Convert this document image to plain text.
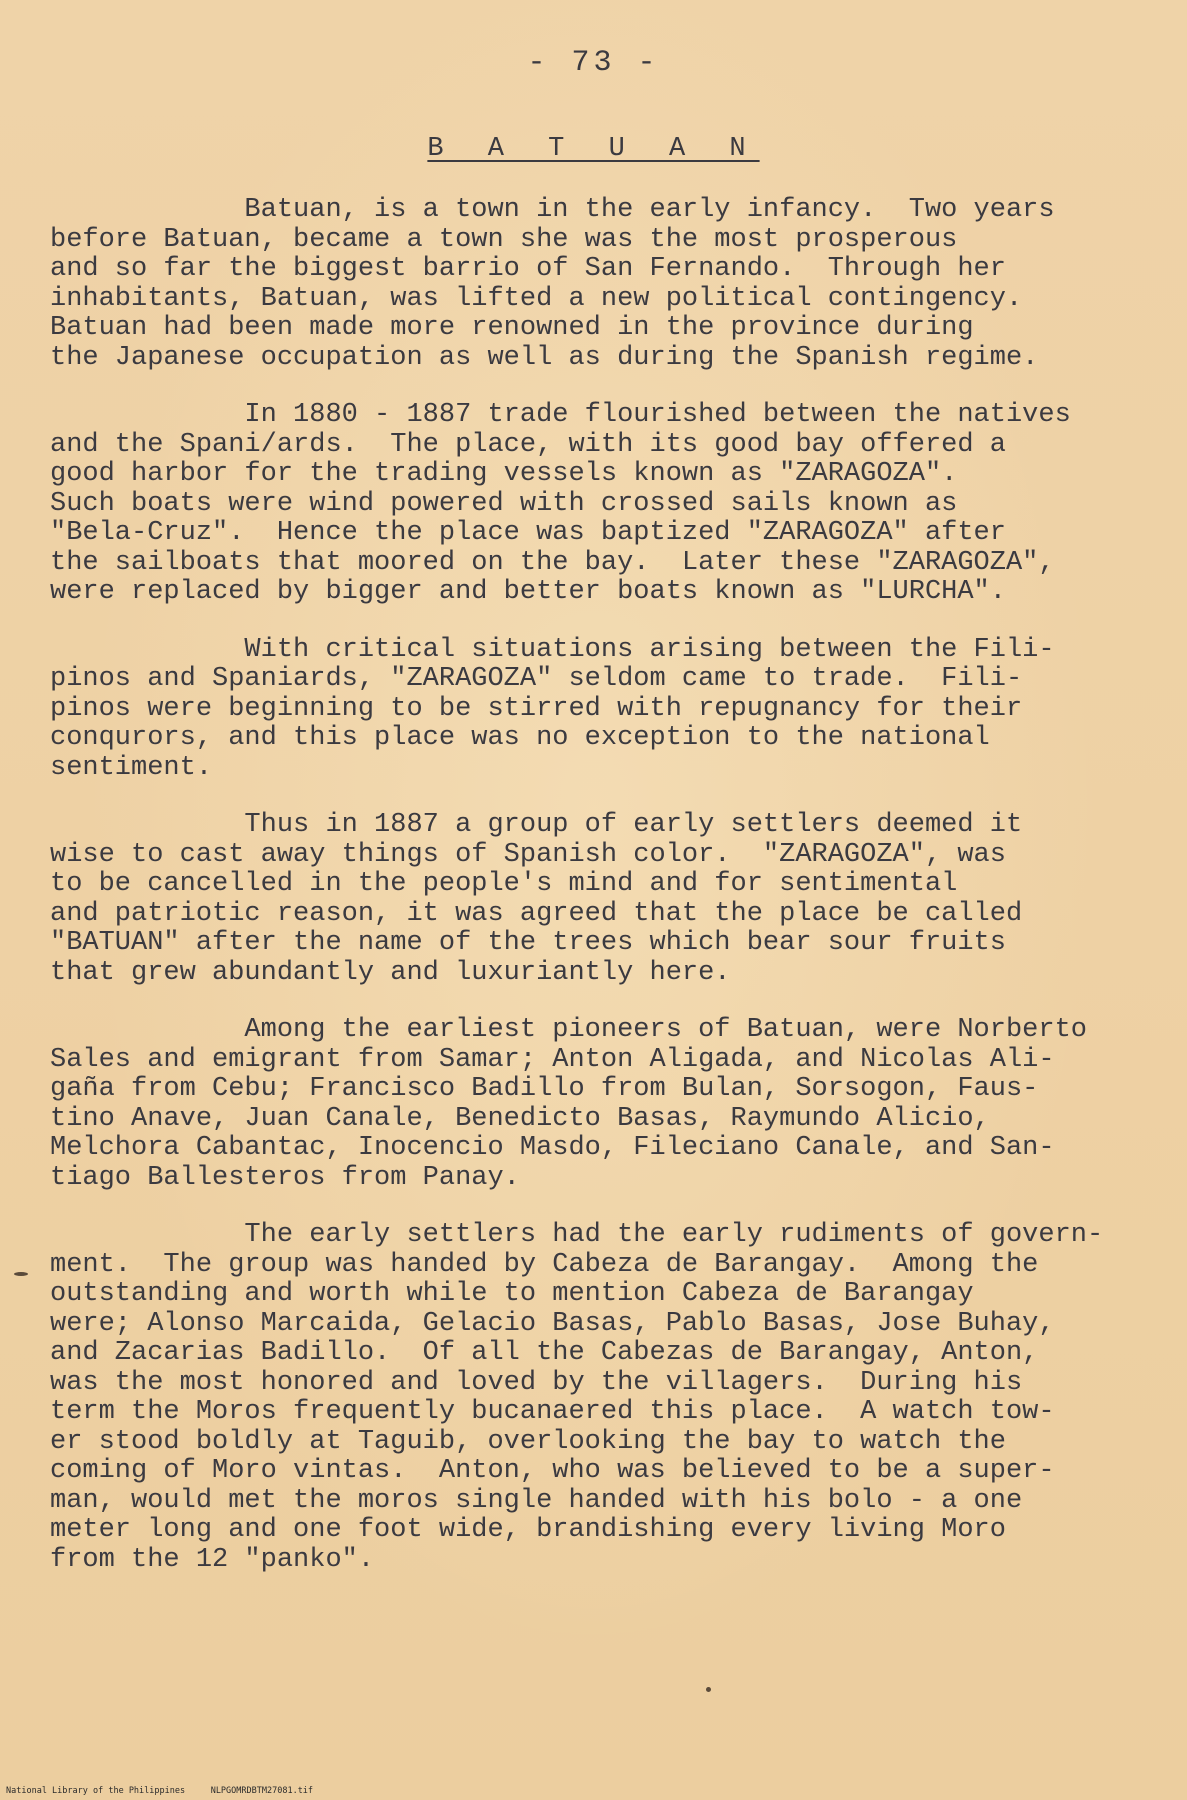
- 73 -
B A T U A N
Batuan, is a town in the early infancy.  Two years
before Batuan, became a town she was the most prosperous
and so far the biggest barrio of San Fernando.  Through her
inhabitants, Batuan, was lifted a new political contingency.
Batuan had been made more renowned in the province during
the Japanese occupation as well as during the Spanish regime.
In 1880 - 1887 trade flourished between the natives
and the Spani/ards.  The place, with its good bay offered a
good harbor for the trading vessels known as "ZARAGOZA".
Such boats were wind powered with crossed sails known as
"Bela-Cruz".  Hence the place was baptized "ZARAGOZA" after
the sailboats that moored on the bay.  Later these "ZARAGOZA",
were replaced by bigger and better boats known as "LURCHA".
With critical situations arising between the Fili-
pinos and Spaniards, "ZARAGOZA" seldom came to trade.  Fili-
pinos were beginning to be stirred with repugnancy for their
conqurors, and this place was no exception to the national
sentiment.
Thus in 1887 a group of early settlers deemed it
wise to cast away things of Spanish color.  "ZARAGOZA", was
to be cancelled in the people's mind and for sentimental
and patriotic reason, it was agreed that the place be called
"BATUAN" after the name of the trees which bear sour fruits
that grew abundantly and luxuriantly here.
Among the earliest pioneers of Batuan, were Norberto
Sales and emigrant from Samar; Anton Aligada, and Nicolas Ali-
gaña from Cebu; Francisco Badillo from Bulan, Sorsogon, Faus-
tino Anave, Juan Canale, Benedicto Basas, Raymundo Alicio,
Melchora Cabantac, Inocencio Masdo, Fileciano Canale, and San-
tiago Ballesteros from Panay.
The early settlers had the early rudiments of govern-
ment.  The group was handed by Cabeza de Barangay.  Among the
outstanding and worth while to mention Cabeza de Barangay
were; Alonso Marcaida, Gelacio Basas, Pablo Basas, Jose Buhay,
and Zacarias Badillo.  Of all the Cabezas de Barangay, Anton,
was the most honored and loved by the villagers.  During his
term the Moros frequently bucanaered this place.  A watch tow-
er stood boldly at Taguib, overlooking the bay to watch the
coming of Moro vintas.  Anton, who was believed to be a super-
man, would met the moros single handed with his bolo - a one
meter long and one foot wide, brandishing every living Moro
from the 12 "panko".
National Library of the Philippines     NLPGOMRDBTM27081.tif
